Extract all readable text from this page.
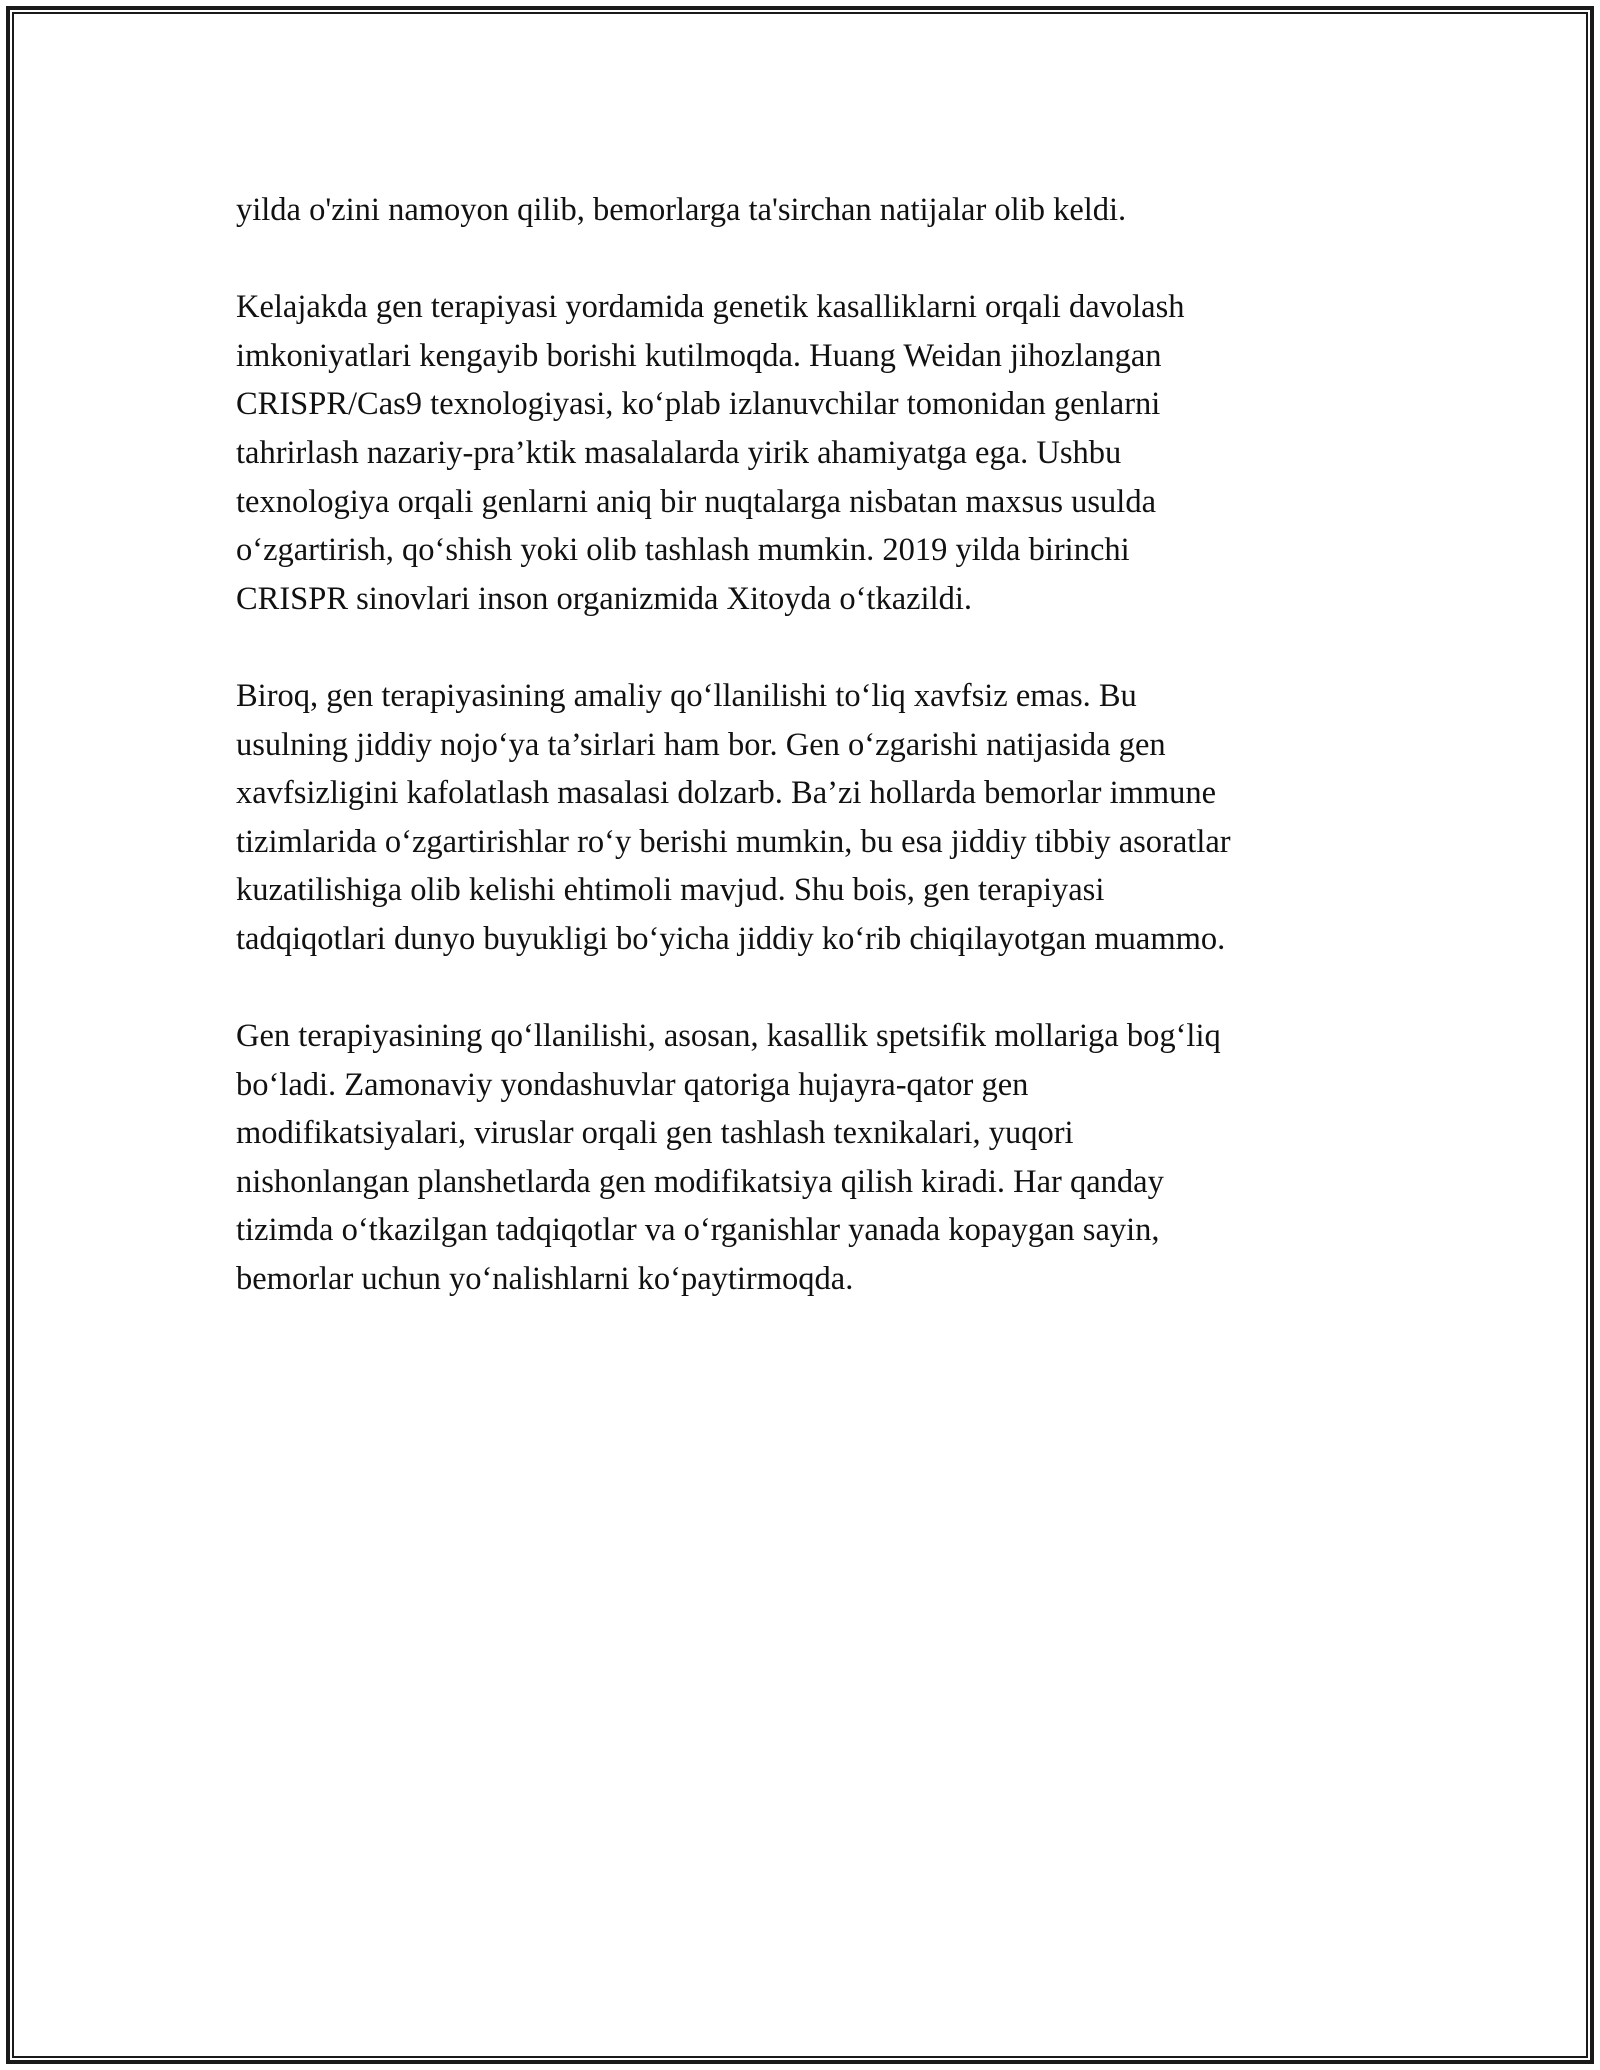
yilda o'zini namoyon qilib, bemorlarga ta'sirchan natijalar olib keldi.

Kelajakda gen terapiyasi yordamida genetik kasalliklarni orqali davolash
imkoniyatlari kengayib borishi kutilmoqda. Huang Weidan jihozlangan
CRISPR/Cas9 texnologiyasi, ko‘plab izlanuvchilar tomonidan genlarni
tahrirlash nazariy-pra’ktik masalalarda yirik ahamiyatga ega. Ushbu
texnologiya orqali genlarni aniq bir nuqtalarga nisbatan maxsus usulda
o‘zgartirish, qo‘shish yoki olib tashlash mumkin. 2019 yilda birinchi
CRISPR sinovlari inson organizmida Xitoyda o‘tkazildi.

Biroq, gen terapiyasining amaliy qo‘llanilishi to‘liq xavfsiz emas. Bu
usulning jiddiy nojo‘ya ta’sirlari ham bor. Gen o‘zgarishi natijasida gen
xavfsizligini kafolatlash masalasi dolzarb. Ba’zi hollarda bemorlar immune
tizimlarida o‘zgartirishlar ro‘y berishi mumkin, bu esa jiddiy tibbiy asoratlar
kuzatilishiga olib kelishi ehtimoli mavjud. Shu bois, gen terapiyasi
tadqiqotlari dunyo buyukligi bo‘yicha jiddiy ko‘rib chiqilayotgan muammo.

Gen terapiyasining qo‘llanilishi, asosan, kasallik spetsifik mollariga bog‘liq
bo‘ladi. Zamonaviy yondashuvlar qatoriga hujayra-qator gen
modifikatsiyalari, viruslar orqali gen tashlash texnikalari, yuqori
nishonlangan planshetlarda gen modifikatsiya qilish kiradi. Har qanday
tizimda o‘tkazilgan tadqiqotlar va o‘rganishlar yanada kopaygan sayin,
bemorlar uchun yo‘nalishlarni ko‘paytirmoqda.
